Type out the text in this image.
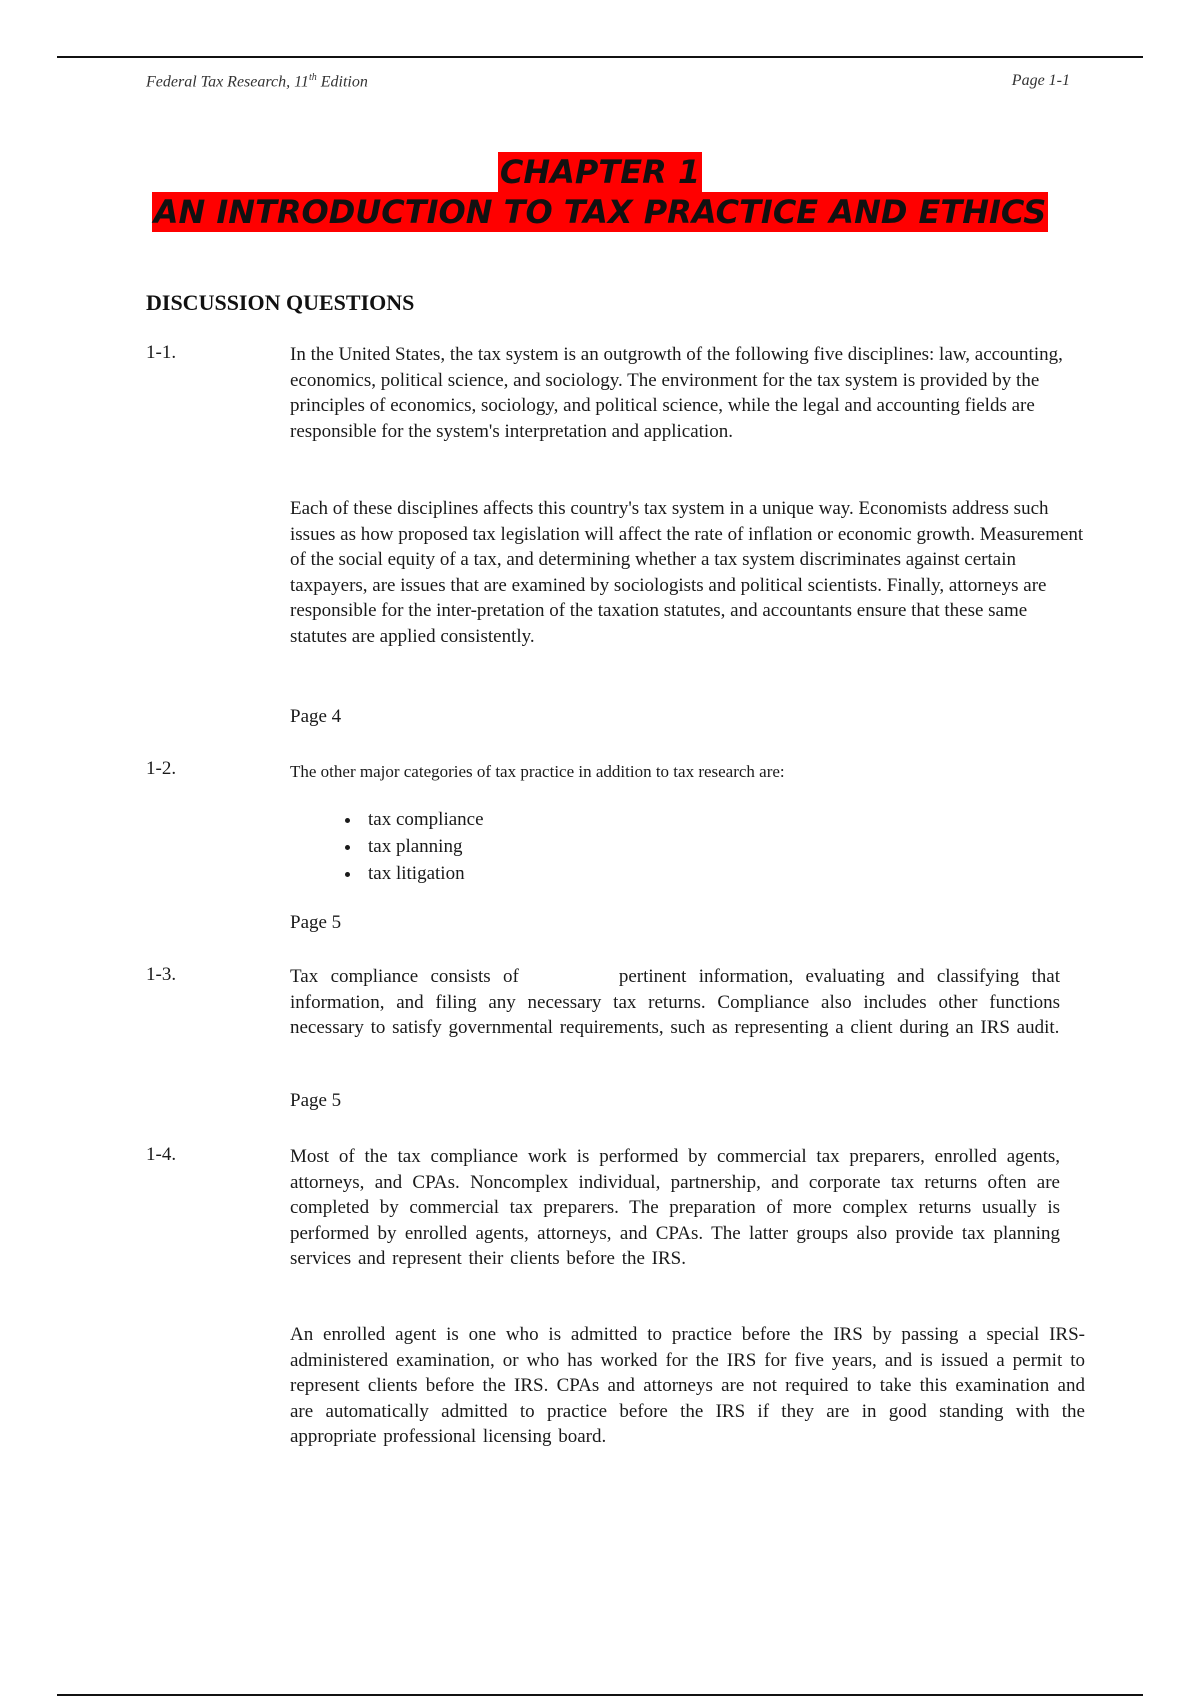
Federal Tax Research, 11th Edition	Page 1-1
CHAPTER 1
AN INTRODUCTION TO TAX PRACTICE AND ETHICS
DISCUSSION QUESTIONS
1-1.	In the United States, the tax system is an outgrowth of the following five disciplines: law, accounting, economics, political science, and sociology. The environment for the tax system is provided by the principles of economics, sociology, and political science, while the legal and accounting fields are responsible for the system's interpretation and application.

Each of these disciplines affects this country's tax system in a unique way. Economists address such issues as how proposed tax legislation will affect the rate of inflation or economic growth. Measurement of the social equity of a tax, and determining whether a tax system discriminates against certain taxpayers, are issues that are examined by sociologists and political scientists. Finally, attorneys are responsible for the inter-pretation of the taxation statutes, and accountants ensure that these same statutes are applied consistently.

Page 4
1-2.	The other major categories of tax practice in addition to tax research are:

• tax compliance
• tax planning
• tax litigation
Page 5
1-3.	Tax compliance consists of	pertinent information, evaluating and classifying that information, and filing any necessary tax returns. Compliance also includes other functions necessary to satisfy governmental requirements, such as representing a client during an IRS audit.

Page 5
1-4.	Most of the tax compliance work is performed by commercial tax preparers, enrolled agents, attorneys, and CPAs. Noncomplex individual, partnership, and corporate tax returns often are completed by commercial tax preparers. The preparation of more complex returns usually is performed by enrolled agents, attorneys, and CPAs. The latter groups also provide tax planning services and represent their clients before the IRS.

An enrolled agent is one who is admitted to practice before the IRS by passing a special IRS-administered examination, or who has worked for the IRS for five years, and is issued a permit to represent clients before the IRS. CPAs and attorneys are not required to take this examination and are automatically admitted to practice before the IRS if they are in good standing with the appropriate professional licensing board.
